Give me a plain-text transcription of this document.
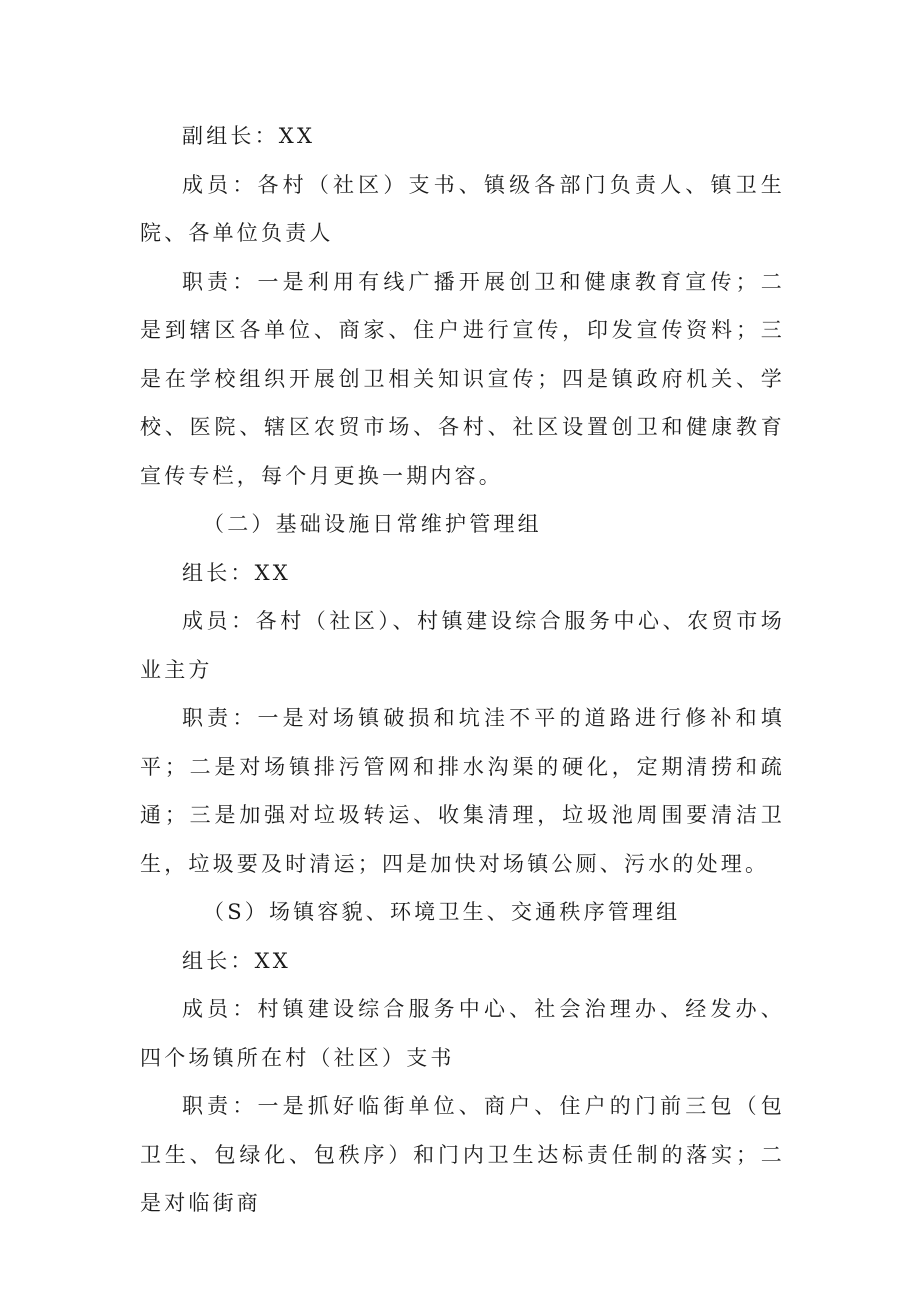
副组长：XX

成员：各村（社区）支书、镇级各部门负责人、镇卫生院、各单位负责人

职责：一是利用有线广播开展创卫和健康教育宣传；二是到辖区各单位、商家、住户进行宣传，印发宣传资料；三是在学校组织开展创卫相关知识宣传；四是镇政府机关、学校、医院、辖区农贸市场、各村、社区设置创卫和健康教育宣传专栏，每个月更换一期内容。

（二）基础设施日常维护管理组

组长：XX

成员：各村（社区）、村镇建设综合服务中心、农贸市场业主方

职责：一是对场镇破损和坑洼不平的道路进行修补和填平；二是对场镇排污管网和排水沟渠的硬化，定期清捞和疏通；三是加强对垃圾转运、收集清理，垃圾池周围要清洁卫生，垃圾要及时清运；四是加快对场镇公厕、污水的处理。

（S）场镇容貌、环境卫生、交通秩序管理组

组长：XX

成员：村镇建设综合服务中心、社会治理办、经发办、四个场镇所在村（社区）支书

职责：一是抓好临街单位、商户、住户的门前三包（包卫生、包绿化、包秩序）和门内卫生达标责任制的落实；二是对临街商
